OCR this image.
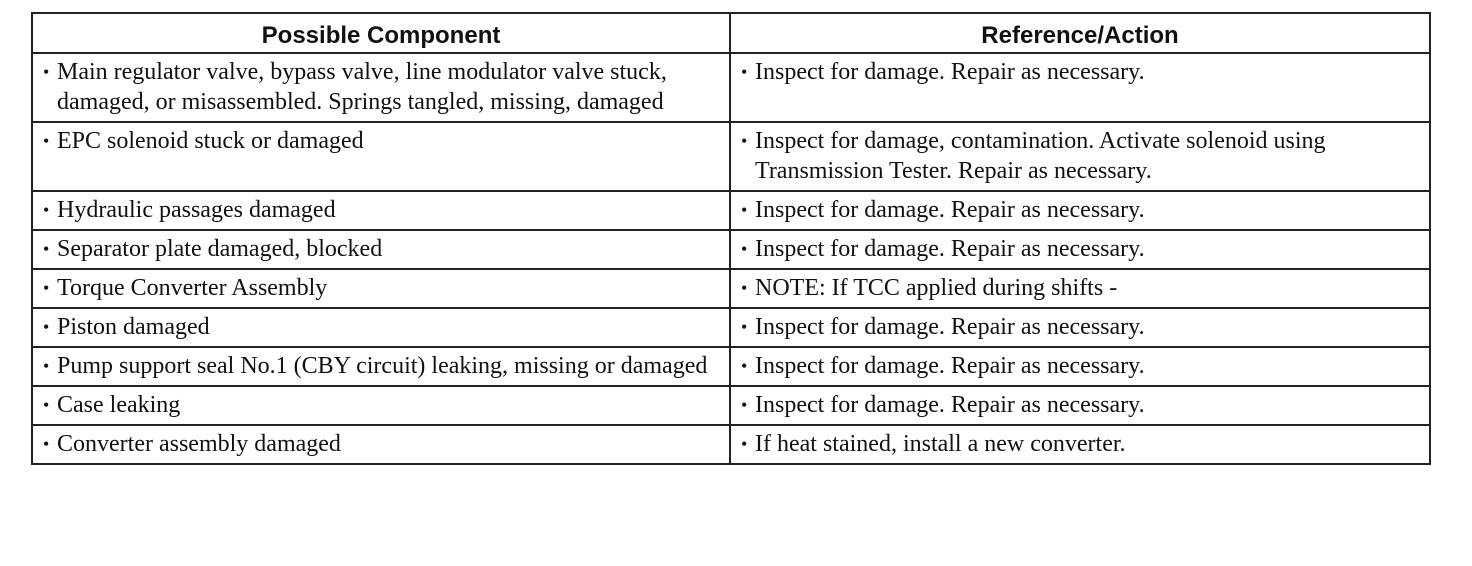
Possible Component	Reference/Action

• Main regulator valve, bypass valve, line modulator valve stuck, damaged, or misassembled. Springs tangled, missing, damaged	• Inspect for damage. Repair as necessary.

• EPC solenoid stuck or damaged	• Inspect for damage, contamination. Activate solenoid using Transmission Tester. Repair as necessary.

• Hydraulic passages damaged	• Inspect for damage. Repair as necessary.

• Separator plate damaged, blocked	• Inspect for damage. Repair as necessary.

• Torque Converter Assembly	• NOTE: If TCC applied during shifts -

• Piston damaged	• Inspect for damage. Repair as necessary.

• Pump support seal No.1 (CBY circuit) leaking, missing or damaged	• Inspect for damage. Repair as necessary.

• Case leaking	• Inspect for damage. Repair as necessary.

• Converter assembly damaged	• If heat stained, install a new converter.
